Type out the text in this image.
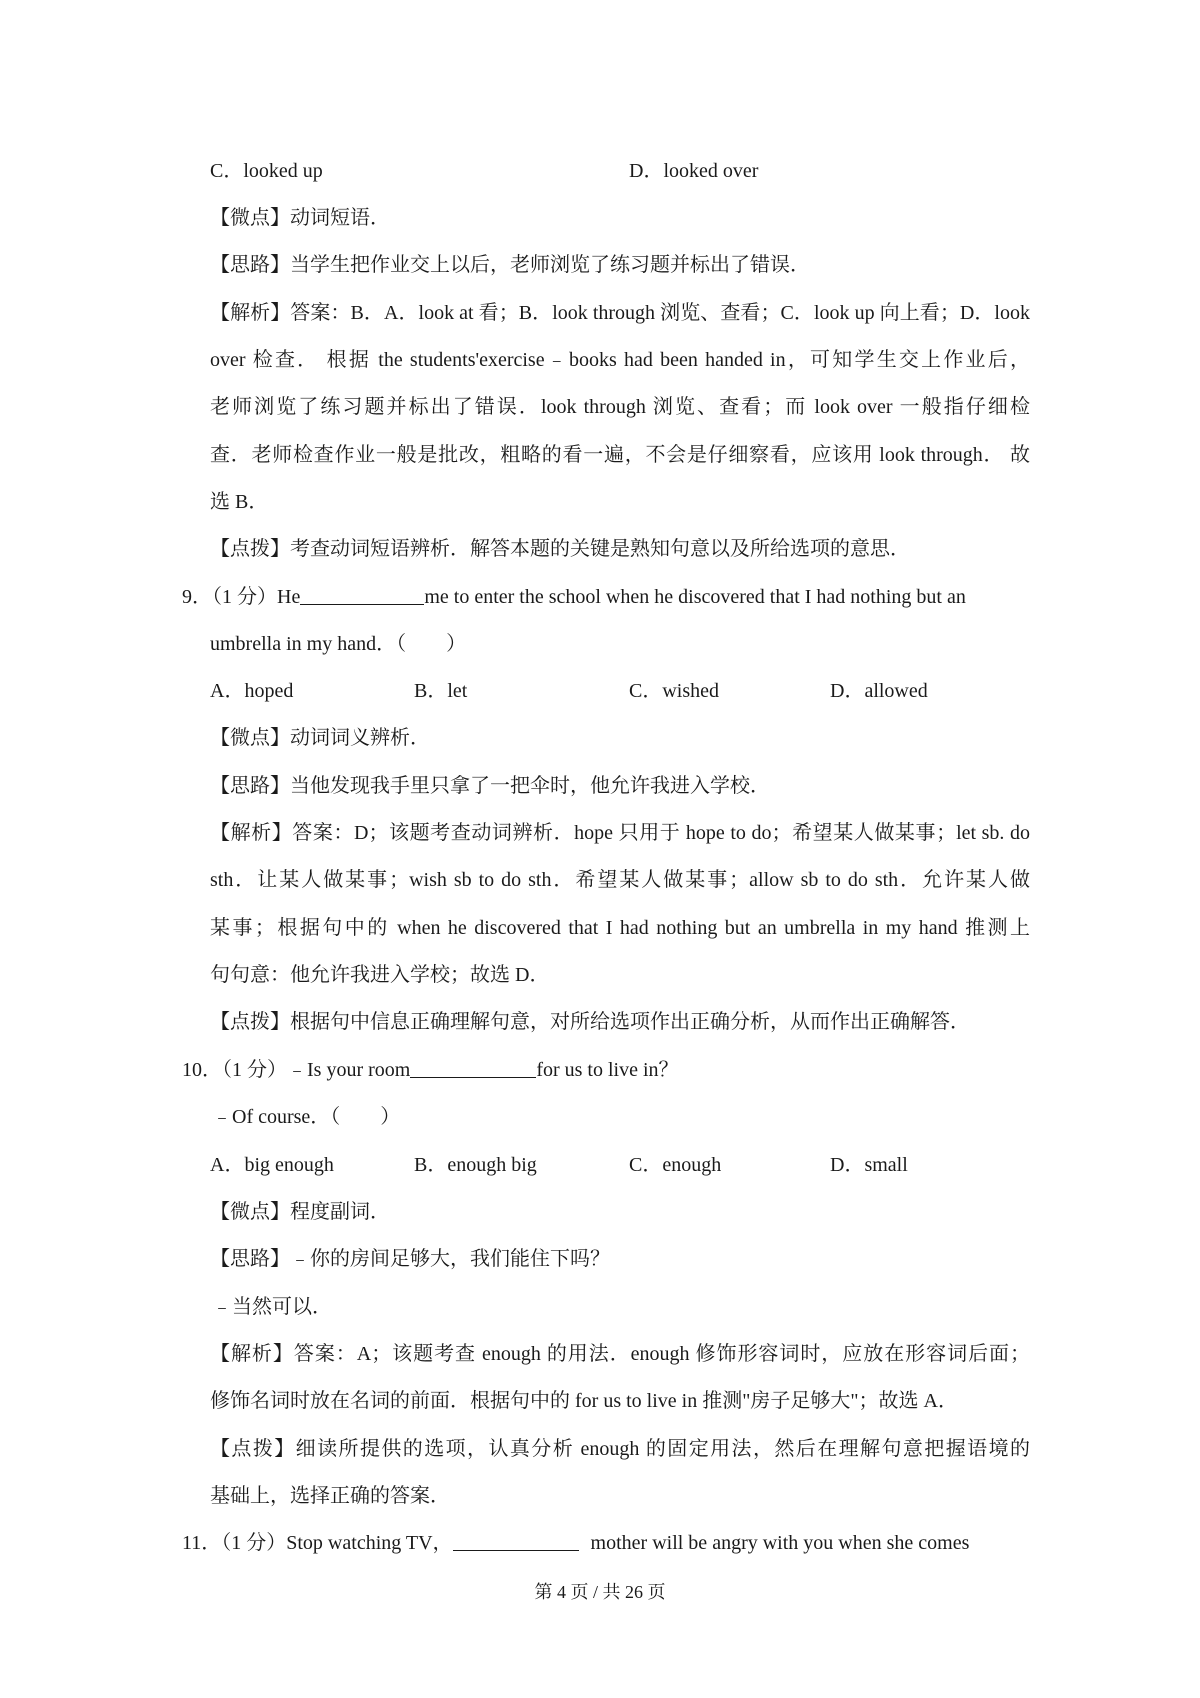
C．looked up	D．looked over
【微点】动词短语．
【思路】当学生把作业交上以后，老师浏览了练习题并标出了错误．
【解析】答案：B．A．look at 看；B．look through 浏览、查看；C．look up 向上看；D．look
over 检查． 根据 the students'exercise﹣books had been handed in，可知学生交上作业后，
老师浏览了练习题并标出了错误．look through 浏览、查看；而 look over 一般指仔细检
查．老师检查作业一般是批改，粗略的看一遍，不会是仔细察看，应该用 look through． 故
选 B．
【点拨】考查动词短语辨析．解答本题的关键是熟知句意以及所给选项的意思．
9．（1 分）He	me to enter the school when he discovered that I had nothing but an
umbrella in my hand．（　　）
A．hoped	B．let	C．wished	D．allowed
【微点】动词词义辨析．
【思路】当他发现我手里只拿了一把伞时，他允许我进入学校．
【解析】答案：D；该题考查动词辨析．hope 只用于 hope to do；希望某人做某事；let sb. do
sth．让某人做某事；wish sb to do sth．希望某人做某事；allow sb to do sth．允许某人做
某事；根据句中的 when he discovered that I had nothing but an umbrella in my hand 推测上
句句意：他允许我进入学校；故选 D．
【点拨】根据句中信息正确理解句意，对所给选项作出正确分析，从而作出正确解答．
10．（1 分）﹣Is your room	for us to live in？
﹣Of course．（　　）
A．big enough	B．enough big	C．enough	D．small
【微点】程度副词．
【思路】﹣你的房间足够大，我们能住下吗？
﹣当然可以．
【解析】答案：A；该题考查 enough 的用法．enough 修饰形容词时，应放在形容词后面；
修饰名词时放在名词的前面．根据句中的 for us to live in 推测"房子足够大"；故选 A．
【点拨】细读所提供的选项，认真分析 enough 的固定用法，然后在理解句意把握语境的
基础上，选择正确的答案．
11．（1 分）Stop watching TV，	mother will be angry with you when she comes
第 4 页 / 共 26 页
